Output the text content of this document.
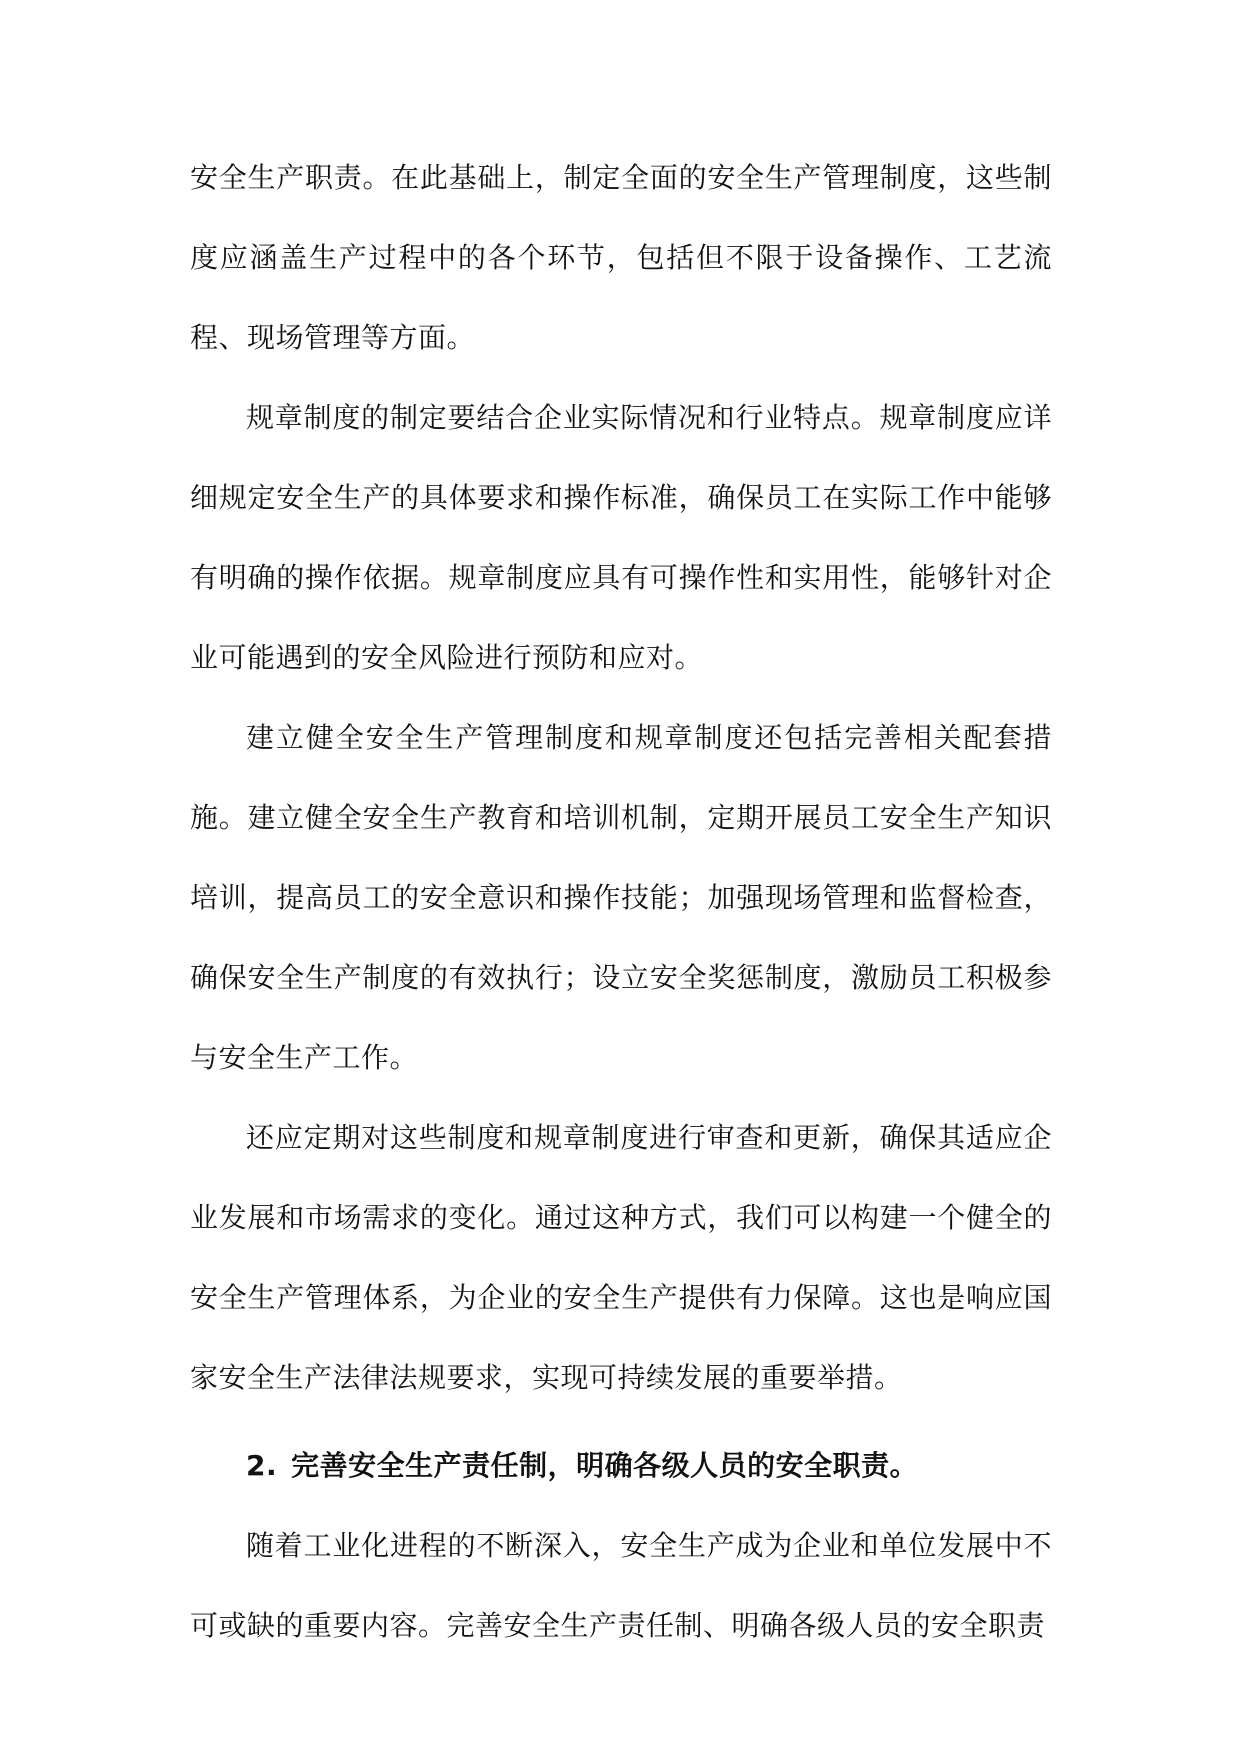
安全生产职责。在此基础上，制定全面的安全生产管理制度，这些制度应涵盖生产过程中的各个环节，包括但不限于设备操作、工艺流程、现场管理等方面。

规章制度的制定要结合企业实际情况和行业特点。规章制度应详细规定安全生产的具体要求和操作标准，确保员工在实际工作中能够有明确的操作依据。规章制度应具有可操作性和实用性，能够针对企业可能遇到的安全风险进行预防和应对。

建立健全安全生产管理制度和规章制度还包括完善相关配套措施。建立健全安全生产教育和培训机制，定期开展员工安全生产知识培训，提高员工的安全意识和操作技能；加强现场管理和监督检查，确保安全生产制度的有效执行；设立安全奖惩制度，激励员工积极参与安全生产工作。

还应定期对这些制度和规章制度进行审查和更新，确保其适应企业发展和市场需求的变化。通过这种方式，我们可以构建一个健全的安全生产管理体系，为企业的安全生产提供有力保障。这也是响应国家安全生产法律法规要求，实现可持续发展的重要举措。

2. 完善安全生产责任制，明确各级人员的安全职责。

随着工业化进程的不断深入，安全生产成为企业和单位发展中不可或缺的重要内容。完善安全生产责任制、明确各级人员的安全职责
